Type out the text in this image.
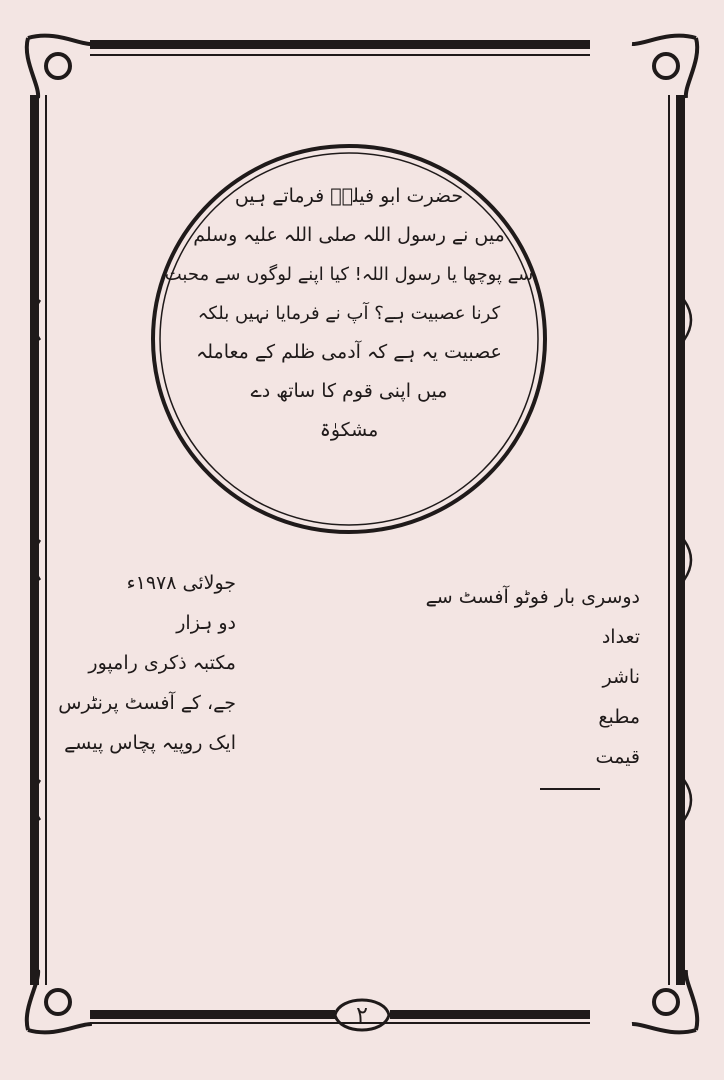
حضرت ابو فیلہؓ فرماتے ہیں
میں نے رسول اللہ صلی اللہ علیہ وسلم
سے پوچھا یا رسول اللہ! کیا اپنے لوگوں سے محبت
کرنا عصبیت ہے؟ آپ نے فرمایا نہیں بلکہ
عصبیت یہ ہے کہ آدمی ظلم کے معاملہ
میں اپنی قوم کا ساتھ دے
مشکوٰۃ
دوسری بار فوٹو آفسٹ سے
تعداد
ناشر
مطبع
قیمت
جولائی ۱۹۷۸ء
دو ہزار
مکتبہ ذکری رامپور
جے، کے آفسٹ پرنٹرس
ایک روپیہ پچاس پیسے
۲
